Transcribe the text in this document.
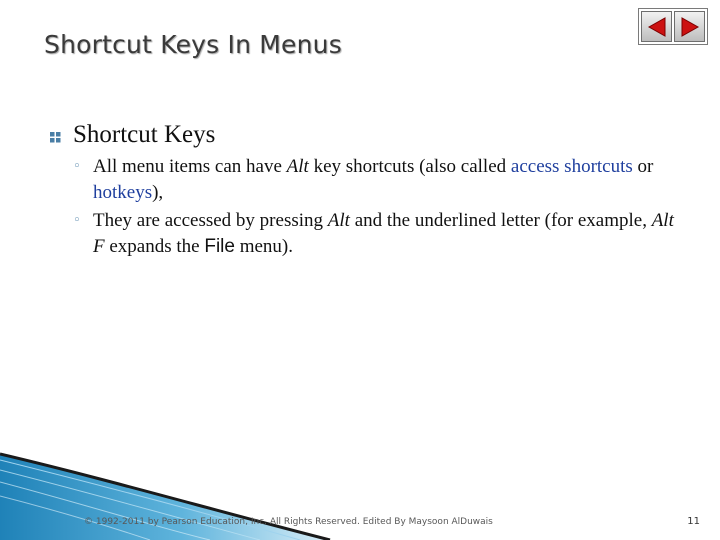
Shortcut Keys In Menus
Shortcut Keys
◦ All menu items can have Alt key shortcuts (also called access shortcuts or hotkeys),
◦ They are accessed by pressing Alt and the underlined letter (for example, Alt F expands the File menu).
© 1992-2011 by Pearson Education, Inc. All Rights Reserved. Edited By Maysoon AlDuwais	11
